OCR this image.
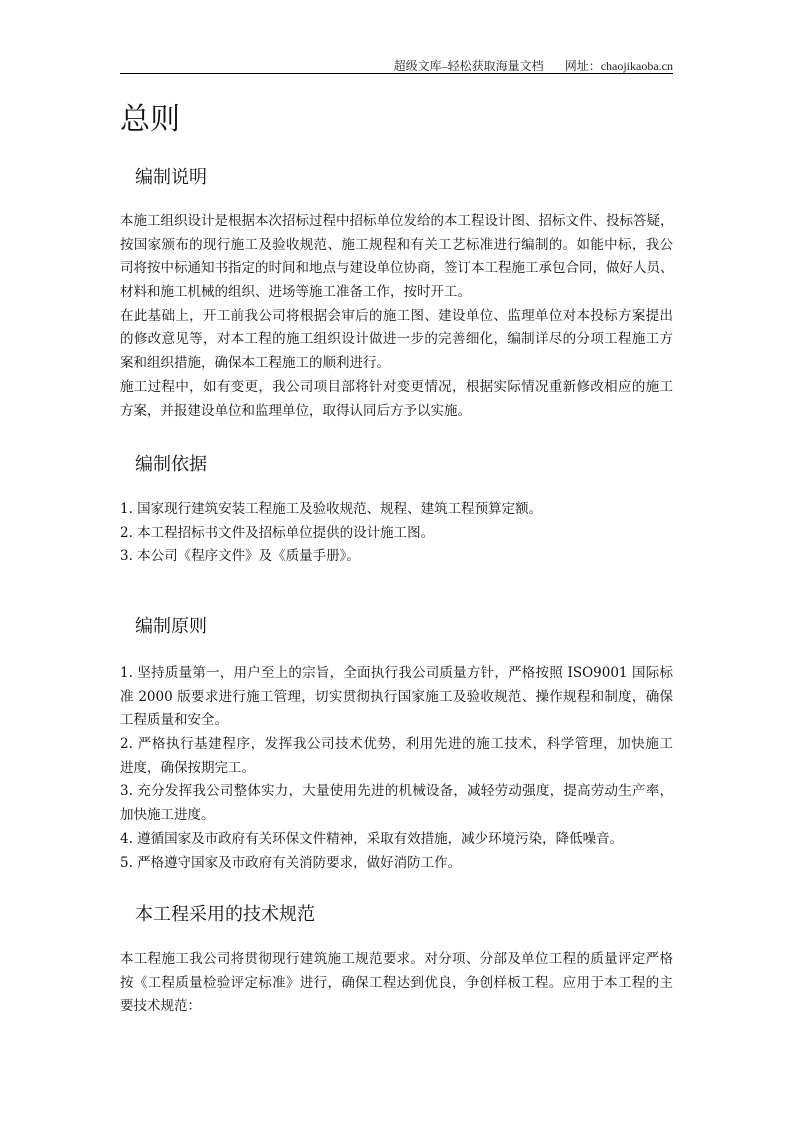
超级文库–轻松获取海量文档 网址：chaojikaoba.cn
总则
编制说明
本施工组织设计是根据本次招标过程中招标单位发给的本工程设计图、招标文件、投标答疑，
按国家颁布的现行施工及验收规范、施工规程和有关工艺标准进行编制的。如能中标，我公
司将按中标通知书指定的时间和地点与建设单位协商，签订本工程施工承包合同，做好人员、
材料和施工机械的组织、进场等施工准备工作，按时开工。
在此基础上，开工前我公司将根据会审后的施工图、建设单位、监理单位对本投标方案提出
的修改意见等，对本工程的施工组织设计做进一步的完善细化，编制详尽的分项工程施工方
案和组织措施，确保本工程施工的顺利进行。
施工过程中，如有变更，我公司项目部将针对变更情况，根据实际情况重新修改相应的施工
方案，并报建设单位和监理单位，取得认同后方予以实施。
编制依据
1. 国家现行建筑安装工程施工及验收规范、规程、建筑工程预算定额。
2. 本工程招标书文件及招标单位提供的设计施工图。
3. 本公司《程序文件》及《质量手册》。
编制原则
1. 坚持质量第一，用户至上的宗旨，全面执行我公司质量方针，严格按照 ISO9001 国际标
准 2000 版要求进行施工管理，切实贯彻执行国家施工及验收规范、操作规程和制度，确保
工程质量和安全。
2. 严格执行基建程序，发挥我公司技术优势，利用先进的施工技术，科学管理，加快施工
进度，确保按期完工。
3. 充分发挥我公司整体实力，大量使用先进的机械设备，减轻劳动强度，提高劳动生产率，
加快施工进度。
4. 遵循国家及市政府有关环保文件精神，采取有效措施，减少环境污染，降低噪音。
5. 严格遵守国家及市政府有关消防要求，做好消防工作。
本工程采用的技术规范
本工程施工我公司将贯彻现行建筑施工规范要求。对分项、分部及单位工程的质量评定严格
按《工程质量检验评定标准》进行，确保工程达到优良，争创样板工程。应用于本工程的主
要技术规范：
